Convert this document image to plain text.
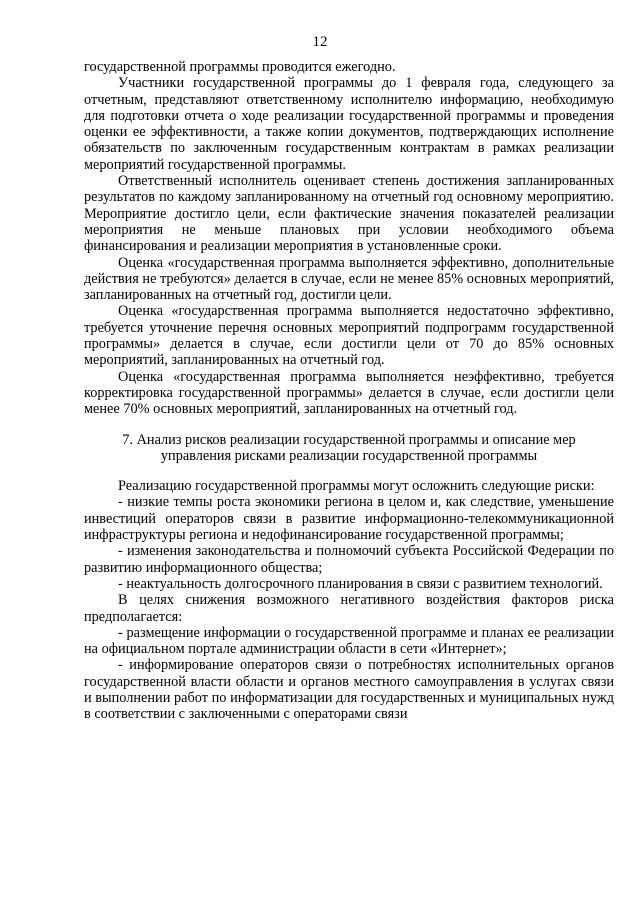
12

государственной программы проводится ежегодно.

Участники государственной программы до 1 февраля года, следующего за отчетным, представляют ответственному исполнителю информацию, необходимую для подготовки отчета о ходе реализации государственной программы и проведения оценки ее эффективности, а также копии документов, подтверждающих исполнение обязательств по заключенным государственным контрактам в рамках реализации мероприятий государственной программы.

Ответственный исполнитель оценивает степень достижения запланированных результатов по каждому запланированному на отчетный год основному мероприятию. Мероприятие достигло цели, если фактические значения показателей реализации мероприятия не меньше плановых при условии необходимого объема финансирования и реализации мероприятия в установленные сроки.

Оценка «государственная программа выполняется эффективно, дополнительные действия не требуются» делается в случае, если не менее 85% основных мероприятий, запланированных на отчетный год, достигли цели.

Оценка «государственная программа выполняется недостаточно эффективно, требуется уточнение перечня основных мероприятий подпрограмм государственной программы» делается в случае, если достигли цели от 70 до 85% основных мероприятий, запланированных на отчетный год.

Оценка «государственная программа выполняется неэффективно, требуется корректировка государственной программы» делается в случае, если достигли цели менее 70% основных мероприятий, запланированных на отчетный год.

7. Анализ рисков реализации государственной программы и описание мер

управления рисками реализации государственной программы

Реализацию государственной программы могут осложнить следующие риски:

- низкие темпы роста экономики региона в целом и, как следствие, уменьшение инвестиций операторов связи в развитие информационно-телекоммуникационной инфраструктуры региона и недофинансирование государственной программы;

- изменения законодательства и полномочий субъекта Российской Федерации по развитию информационного общества;

- неактуальность долгосрочного планирования в связи с развитием технологий.

В целях снижения возможного негативного воздействия факторов риска предполагается:

- размещение информации о государственной программе и планах ее реализации на официальном портале администрации области в сети «Интернет»;

- информирование операторов связи о потребностях исполнительных органов государственной власти области и органов местного самоуправления в услугах связи и выполнении работ по информатизации для государственных и муниципальных нужд в соответствии с заключенными с операторами связи
